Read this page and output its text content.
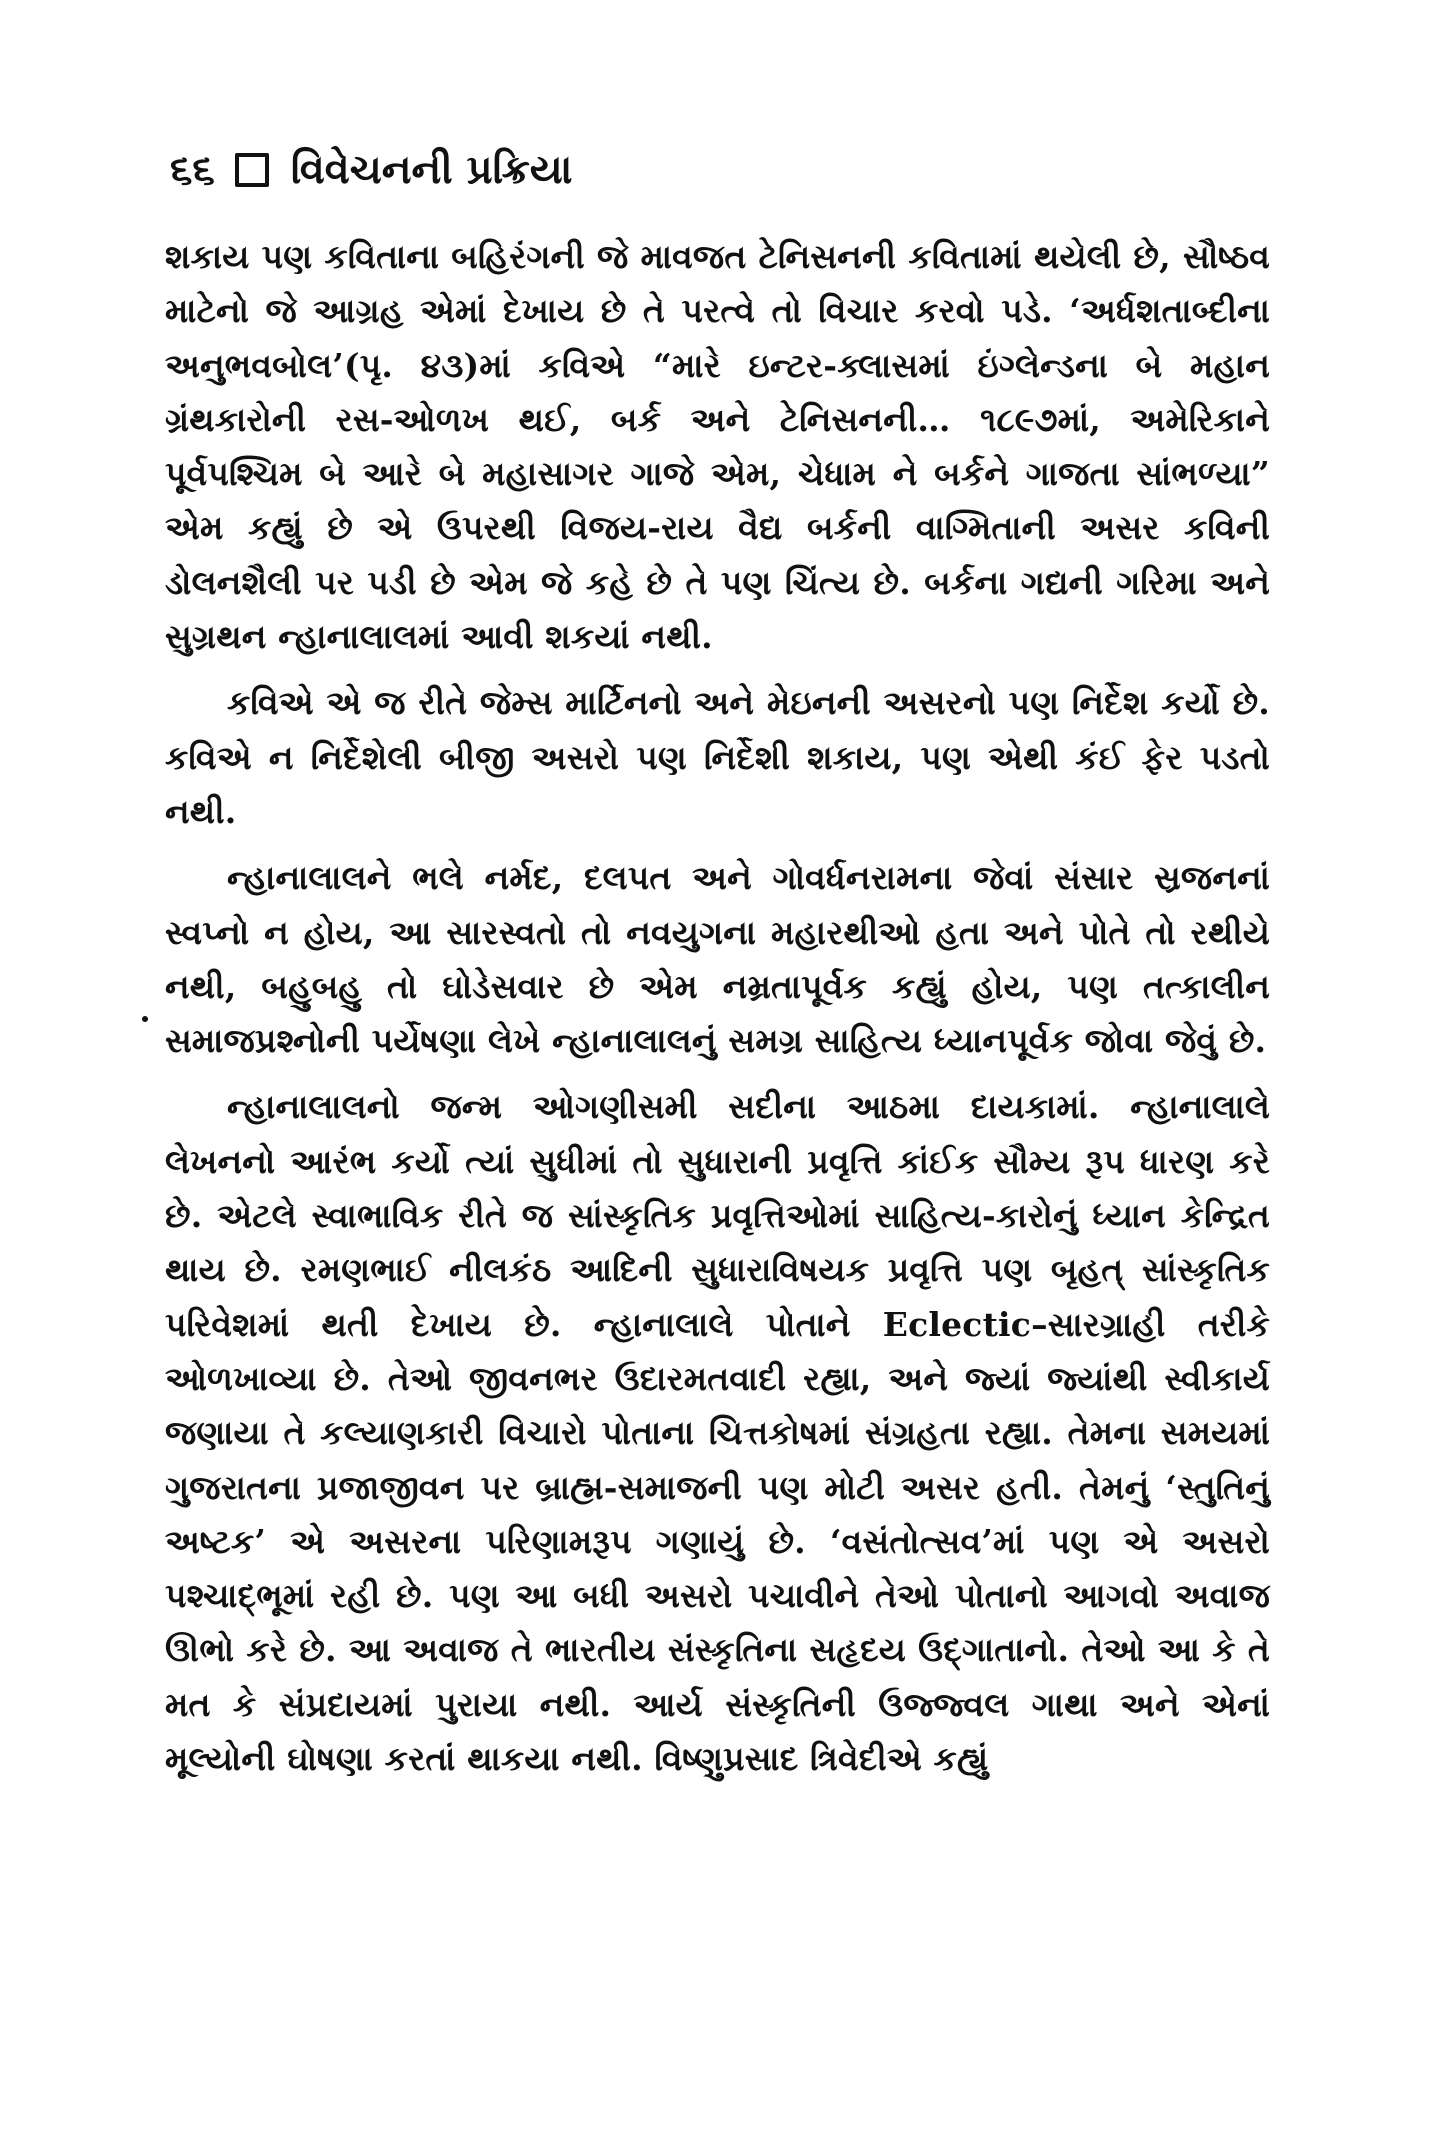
૬૬ વિવેચનની પ્રક્રિયા

શકાય પણ કવિતાના બહિરંગની જે માવજત ટેનિસનની કવિતામાં થયેલી છે, સૌષ્ઠવ માટેનો જે આગ્રહ એમાં દેખાય છે તે પરત્વે તો વિચાર કરવો પડે. ‘અર્ધશતાબ્દીના અનુભવબોલ’(પૃ. ૪૩)માં કવિએ “મારે ઇન્ટર-ક્લાસમાં ઇંગ્લેન્ડના બે મહાન ગ્રંથકારોની રસ-ઓળખ થઈ, બર્ક અને ટેનિસનની… ૧૮૯૭માં, અમેરિકાને પૂર્વપશ્ચિમ બે આરે બે મહાસાગર ગાજે એમ, ચેધામ ને બર્કને ગાજતા સાંભળ્યા” એમ કહ્યું છે એ ઉપરથી વિજય-રાય વૈદ્ય બર્કની વાગ્મિતાની અસર કવિની ડોલનશૈલી પર પડી છે એમ જે કહે છે તે પણ ચિંત્ય છે. બર્કના ગદ્યની ગરિમા અને સુગ્રથન ન્હાનાલાલમાં આવી શકયાં નથી.

કવિએ એ જ રીતે જેમ્સ માર્ટિનનો અને મેઇનની અસરનો પણ નિર્દેશ કર્યો છે. કવિએ ન નિર્દેશેલી બીજી અસરો પણ નિર્દેશી શકાય, પણ એથી કંઈ ફેર પડતો નથી.

ન્હાનાલાલને ભલે નર્મદ, દલપત અને ગોવર્ધનરામના જેવાં સંસાર સ્રજનનાં સ્વપ્નો ન હોય, આ સારસ્વતો તો નવયુગના મહારથીઓ હતા અને પોતે તો રથીયે નથી, બહુબહુ તો ઘોડેસવાર છે એમ નમ્રતાપૂર્વક કહ્યું હોય, પણ તત્કાલીન સમાજપ્રશ્નોની પર્યેષણા લેખે ન્હાનાલાલનું સમગ્ર સાહિત્ય ધ્યાનપૂર્વક જોવા જેવું છે.

ન્હાનાલાલનો જન્મ ઓગણીસમી સદીના આઠમા દાયકામાં. ન્હાનાલાલે લેખનનો આરંભ કર્યો ત્યાં સુધીમાં તો સુધારાની પ્રવૃત્તિ કાંઈક સૌમ્ય રૂપ ધારણ કરે છે. એટલે સ્વાભાવિક રીતે જ સાંસ્કૃતિક પ્રવૃત્તિઓમાં સાહિત્ય-કારોનું ધ્યાન કેન્દ્રિત થાય છે. રમણભાઈ નીલકંઠ આદિની સુધારાવિષયક પ્રવૃત્તિ પણ બૃહત્ સાંસ્કૃતિક પરિવેશમાં થતી દેખાય છે. ન્હાનાલાલે પોતાને Eclectic–સારગ્રાહી તરીકે ઓળખાવ્યા છે. તેઓ જીવનભર ઉદારમતવાદી રહ્યા, અને જ્યાં જ્યાંથી સ્વીકાર્ય જણાયા તે કલ્યાણકારી વિચારો પોતાના ચિત્તકોષમાં સંગ્રહતા રહ્યા. તેમના સમયમાં ગુજરાતના પ્રજાજીવન પર બ્રાહ્મ-સમાજની પણ મોટી અસર હતી. તેમનું ‘સ્તુતિનું અષ્ટક’ એ અસરના પરિણામરૂપ ગણાયું છે. ‘વસંતોત્સવ’માં પણ એ અસરો પશ્ચાદ્ભૂમાં રહી છે. પણ આ બધી અસરો પચાવીને તેઓ પોતાનો આગવો અવાજ ઊભો કરે છે. આ અવાજ તે ભારતીય સંસ્કૃતિના સહૃદય ઉદ્‌ગાતાનો. તેઓ આ કે તે મત કે સંપ્રદાયમાં પુરાયા નથી. આર્ય સંસ્કૃતિની ઉજ્જ્વલ ગાથા અને એનાં મૂલ્યોની ઘોષણા કરતાં થાકયા નથી. વિષ્ણુપ્રસાદ ત્રિવેદીએ કહ્યું
